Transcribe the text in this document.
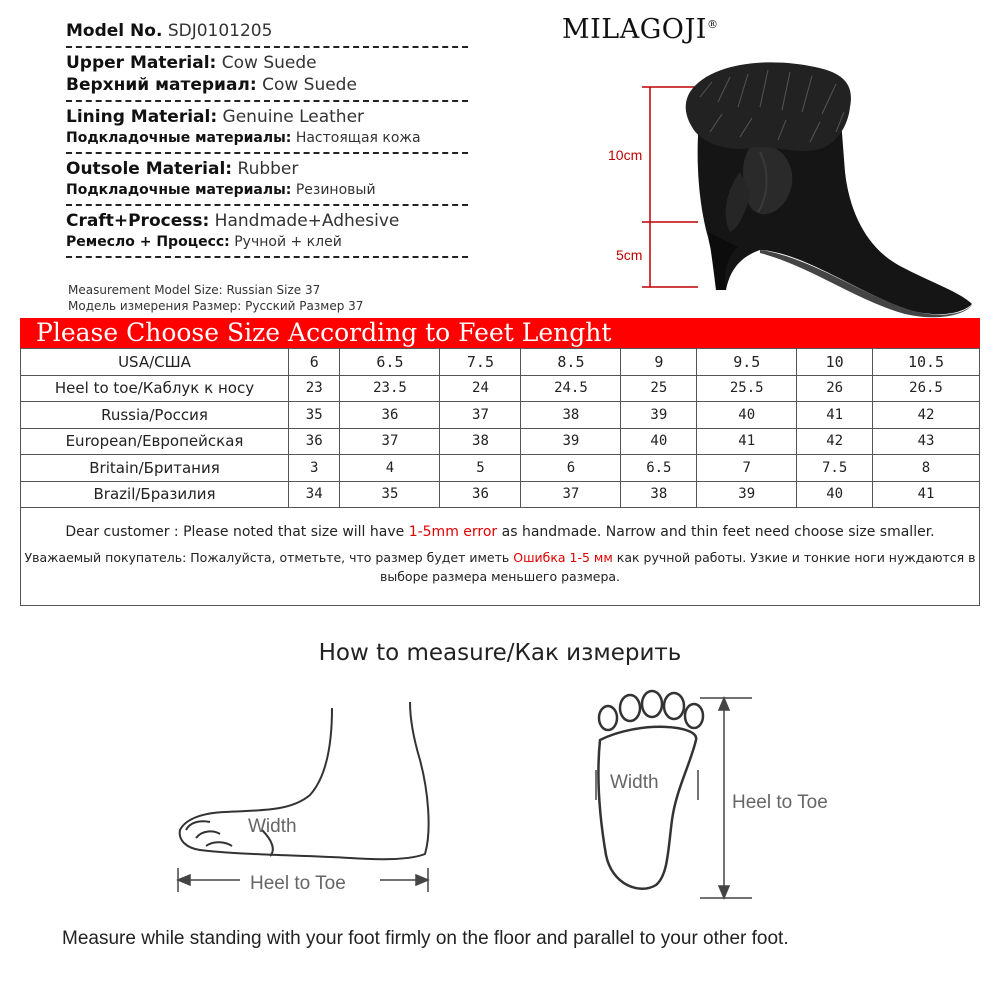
Model No. SDJ0101205
Upper Material: Cow Suede
Верхний материал: Cow Suede
Lining Material: Genuine Leather
Подкладочные материалы: Настоящая кожа
Outsole Material: Rubber
Подкладочные материалы: Резиновый
Craft+Process: Handmade+Adhesive
Ремесло + Процесс: Ручной + клей
Measurement Model Size: Russian Size 37
Модель измерения Размер: Русский Размер 37
MILAGOJI®
10cm
5cm
Please Choose Size According to Feet Lenght
USA/США	6	6.5	7.5	8.5	9	9.5	10	10.5
Heel to toe/Каблук к носу	23	23.5	24	24.5	25	25.5	26	26.5
Russia/Россия	35	36	37	38	39	40	41	42
European/Европейская	36	37	38	39	40	41	42	43
Britain/Британия	3	4	5	6	6.5	7	7.5	8
Brazil/Бразилия	34	35	36	37	38	39	40	41
Dear customer : Please noted that size will have 1-5mm error as handmade. Narrow and thin feet need choose size smaller.
Уважаемый покупатель: Пожалуйста, отметьте, что размер будет иметь Ошибка 1-5 мм как ручной работы. Узкие и тонкие ноги нуждаются в выборе размера меньшего размера.
How to measure/Как измерить
Width
Heel to Toe
Width
Heel to Toe
Measure while standing with your foot firmly on the floor and parallel to your other foot.
